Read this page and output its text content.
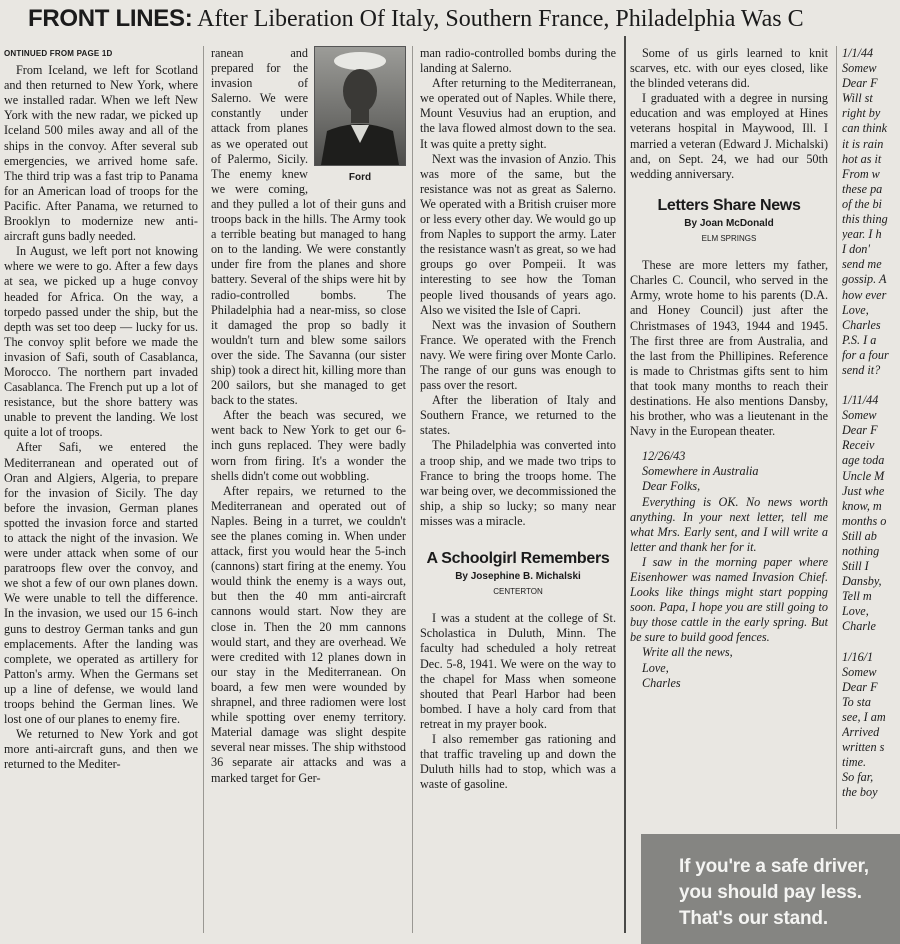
FRONT LINES: After Liberation Of Italy, Southern France, Philadelphia Was C

ONTINUED FROM PAGE 1D

From Iceland, we left for Scotland and then returned to New York, where we installed radar. When we left New York with the new radar, we picked up Iceland 500 miles away and all of the ships in the convoy. After several sub emergencies, we arrived home safe. The third trip was a fast trip to Panama for an American load of troops for the Pacific. After Panama, we returned to Brooklyn to modernize new anti-aircraft guns badly needed.

In August, we left port not knowing where we were to go. After a few days at sea, we picked up a huge convoy headed for Africa. On the way, a torpedo passed under the ship, but the depth was set too deep — lucky for us. The convoy split before we made the invasion of Safi, south of Casablanca, Morocco. The northern part invaded Casablanca. The French put up a lot of resistance, but the shore battery was unable to prevent the landing. We lost quite a lot of troops.

After Safi, we entered the Mediterranean and operated out of Oran and Algiers, Algeria, to prepare for the invasion of Sicily. The day before the invasion, German planes spotted the invasion force and started to attack the night of the invasion. We were under attack when some of our paratroops flew over the convoy, and we shot a few of our own planes down. We were unable to tell the difference. In the invasion, we used our 15 6-inch guns to destroy German tanks and gun emplacements. After the landing was complete, we operated as artillery for Patton's army. When the Germans set up a line of defense, we would land troops behind the German lines. We lost one of our planes to enemy fire.

We returned to New York and got more anti-aircraft guns, and then we returned to the Mediter-

Ford

ranean and prepared for the invasion of Salerno. We were constantly under attack from planes as we operated out of Palermo, Sicily. The enemy knew we were coming, and they pulled a lot of their guns and troops back in the hills. The Army took a terrible beating but managed to hang on to the landing. We were constantly under fire from the planes and shore battery. Several of the ships were hit by radio-controlled bombs. The Philadelphia had a near-miss, so close it damaged the prop so badly it wouldn't turn and blew some sailors over the side. The Savanna (our sister ship) took a direct hit, killing more than 200 sailors, but she managed to get back to the states.

After the beach was secured, we went back to New York to get our 6-inch guns replaced. They were badly worn from firing. It's a wonder the shells didn't come out wobbling.

After repairs, we returned to the Mediterranean and operated out of Naples. Being in a turret, we couldn't see the planes coming in. When under attack, first you would hear the 5-inch (cannons) start firing at the enemy. You would think the enemy is a ways out, but then the 40 mm anti-aircraft cannons would start. Now they are close in. Then the 20 mm cannons would start, and they are overhead. We were credited with 12 planes down in our stay in the Mediterranean. On board, a few men were wounded by shrapnel, and three radiomen were lost while spotting over enemy territory. Material damage was slight despite several near misses. The ship withstood 36 separate air attacks and was a marked target for Ger-

man radio-controlled bombs during the landing at Salerno.

After returning to the Mediterranean, we operated out of Naples. While there, Mount Vesuvius had an eruption, and the lava flowed almost down to the sea. It was quite a pretty sight.

Next was the invasion of Anzio. This was more of the same, but the resistance was not as great as Salerno. We operated with a British cruiser more or less every other day. We would go up from Naples to support the army. Later the resistance wasn't as great, so we had groups go over Pompeii. It was interesting to see how the Toman people lived thousands of years ago. Also we visited the Isle of Capri.

Next was the invasion of Southern France. We operated with the French navy. We were firing over Monte Carlo. The range of our guns was enough to pass over the resort.

After the liberation of Italy and Southern France, we returned to the states.

The Philadelphia was converted into a troop ship, and we made two trips to France to bring the troops home. The war being over, we decommissioned the ship, a ship so lucky; so many near misses was a miracle.

A Schoolgirl Remembers

By Josephine B. Michalski

CENTERTON

I was a student at the college of St. Scholastica in Duluth, Minn. The faculty had scheduled a holy retreat Dec. 5-8, 1941. We were on the way to the chapel for Mass when someone shouted that Pearl Harbor had been bombed. I have a holy card from that retreat in my prayer book.

I also remember gas rationing and that traffic traveling up and down the Duluth hills had to stop, which was a waste of gasoline.

Some of us girls learned to knit scarves, etc. with our eyes closed, like the blinded veterans did.

I graduated with a degree in nursing education and was employed at Hines veterans hospital in Maywood, Ill. I married a veteran (Edward J. Michalski) and, on Sept. 24, we had our 50th wedding anniversary.

Letters Share News

By Joan McDonald

ELM SPRINGS

These are more letters my father, Charles C. Council, who served in the Army, wrote home to his parents (D.A. and Honey Council) just after the Christmases of 1943, 1944 and 1945. The first three are from Australia, and the last from the Phillipines. Reference is made to Christmas gifts sent to him that took many months to reach their destinations. He also mentions Dansby, his brother, who was a lieutenant in the Navy in the European theater.

12/26/43

Somewhere in Australia

Dear Folks,

Everything is OK. No news worth anything. In your next letter, tell me what Mrs. Early sent, and I will write a letter and thank her for it.

I saw in the morning paper where Eisenhower was named Invasion Chief. Looks like things might start popping soon. Papa, I hope you are still going to buy those cattle in the early spring. But be sure to build good fences.

Write all the news,

Love,

Charles

1/1/44

Somew

Dear F

Will st

right by

can think

it is rain

hot as it

From w

these pa

of the bi

this thing

year. I h

I don'

send me

gossip. A

how ever

Love,

Charles

P.S. I a

for a four

send it?

1/11/44

Somew

Dear F

Receiv

age toda

Uncle M

Just whe

know, m

months o

Still ab

nothing

Still I

Dansby,

Tell m

Love,

Charle

1/16/1

Somew

Dear F

To sta

see, I am

Arrived

written s

time.

So far,

the boy

If you're a safe driver,
you should pay less.
That's our stand.
